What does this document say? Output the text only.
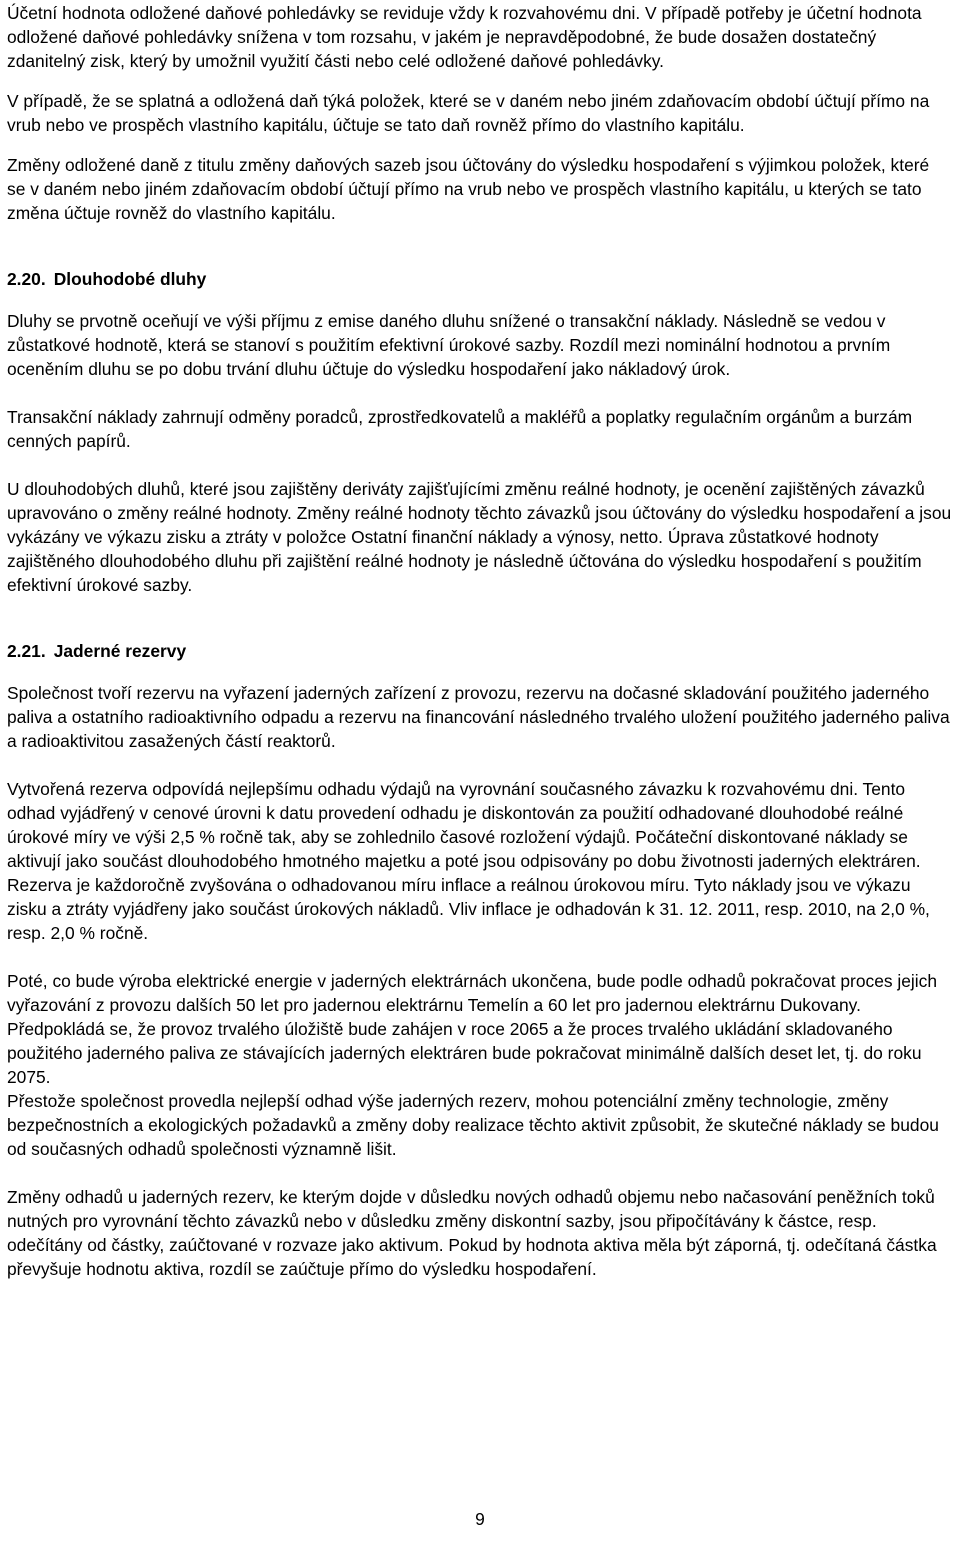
Účetní hodnota odložené daňové pohledávky se reviduje vždy k rozvahovému dni. V případě potřeby je účetní hodnota odložené daňové pohledávky snížena v tom rozsahu, v jakém je nepravděpodobné, že bude dosažen dostatečný zdanitelný zisk, který by umožnil využití části nebo celé odložené daňové pohledávky.

V případě, že se splatná a odložená daň týká položek, které se v daném nebo jiném zdaňovacím období účtují přímo na vrub nebo ve prospěch vlastního kapitálu, účtuje se tato daň rovněž přímo do vlastního kapitálu.

Změny odložené daně z titulu změny daňových sazeb jsou účtovány do výsledku hospodaření s výjimkou položek, které se v daném nebo jiném zdaňovacím období účtují přímo na vrub nebo ve prospěch vlastního kapitálu, u kterých se tato změna účtuje rovněž do vlastního kapitálu.

2.20. Dlouhodobé dluhy

Dluhy se prvotně oceňují ve výši příjmu z emise daného dluhu snížené o transakční náklady. Následně se vedou v zůstatkové hodnotě, která se stanoví s použitím efektivní úrokové sazby. Rozdíl mezi nominální hodnotou a prvním oceněním dluhu se po dobu trvání dluhu účtuje do výsledku hospodaření jako nákladový úrok.

Transakční náklady zahrnují odměny poradců, zprostředkovatelů a makléřů a poplatky regulačním orgánům a burzám cenných papírů.

U dlouhodobých dluhů, které jsou zajištěny deriváty zajišťujícími změnu reálné hodnoty, je ocenění zajištěných závazků upravováno o změny reálné hodnoty. Změny reálné hodnoty těchto závazků jsou účtovány do výsledku hospodaření a jsou vykázány ve výkazu zisku a ztráty v položce Ostatní finanční náklady a výnosy, netto. Úprava zůstatkové hodnoty zajištěného dlouhodobého dluhu při zajištění reálné hodnoty je následně účtována do výsledku hospodaření s použitím efektivní úrokové sazby.

2.21. Jaderné rezervy

Společnost tvoří rezervu na vyřazení jaderných zařízení z provozu, rezervu na dočasné skladování použitého jaderného paliva a ostatního radioaktivního odpadu a rezervu na financování následného trvalého uložení použitého jaderného paliva a radioaktivitou zasažených částí reaktorů.

Vytvořená rezerva odpovídá nejlepšímu odhadu výdajů na vyrovnání současného závazku k rozvahovému dni. Tento odhad vyjádřený v cenové úrovni k datu provedení odhadu je diskontován za použití odhadované dlouhodobé reálné úrokové míry ve výši 2,5 % ročně tak, aby se zohlednilo časové rozložení výdajů. Počáteční diskontované náklady se aktivují jako součást dlouhodobého hmotného majetku a poté jsou odpisovány po dobu životnosti jaderných elektráren. Rezerva je každoročně zvyšována o odhadovanou míru inflace a reálnou úrokovou míru. Tyto náklady jsou ve výkazu zisku a ztráty vyjádřeny jako součást úrokových nákladů. Vliv inflace je odhadován k 31. 12. 2011, resp. 2010, na 2,0 %, resp. 2,0 % ročně.

Poté, co bude výroba elektrické energie v jaderných elektrárnách ukončena, bude podle odhadů pokračovat proces jejich vyřazování z provozu dalších 50 let pro jadernou elektrárnu Temelín a 60 let pro jadernou elektrárnu Dukovany. Předpokládá se, že provoz trvalého úložiště bude zahájen v roce 2065 a že proces trvalého ukládání skladovaného použitého jaderného paliva ze stávajících jaderných elektráren bude pokračovat minimálně dalších deset let, tj. do roku 2075.

Přestože společnost provedla nejlepší odhad výše jaderných rezerv, mohou potenciální změny technologie, změny bezpečnostních a ekologických požadavků a změny doby realizace těchto aktivit způsobit, že skutečné náklady se budou od současných odhadů společnosti významně lišit.

Změny odhadů u jaderných rezerv, ke kterým dojde v důsledku nových odhadů objemu nebo načasování peněžních toků nutných pro vyrovnání těchto závazků nebo v důsledku změny diskontní sazby, jsou připočítávány k částce, resp. odečítány od částky, zaúčtované v rozvaze jako aktivum. Pokud by hodnota aktiva měla být záporná, tj. odečítaná částka převyšuje hodnotu aktiva, rozdíl se zaúčtuje přímo do výsledku hospodaření.

9
